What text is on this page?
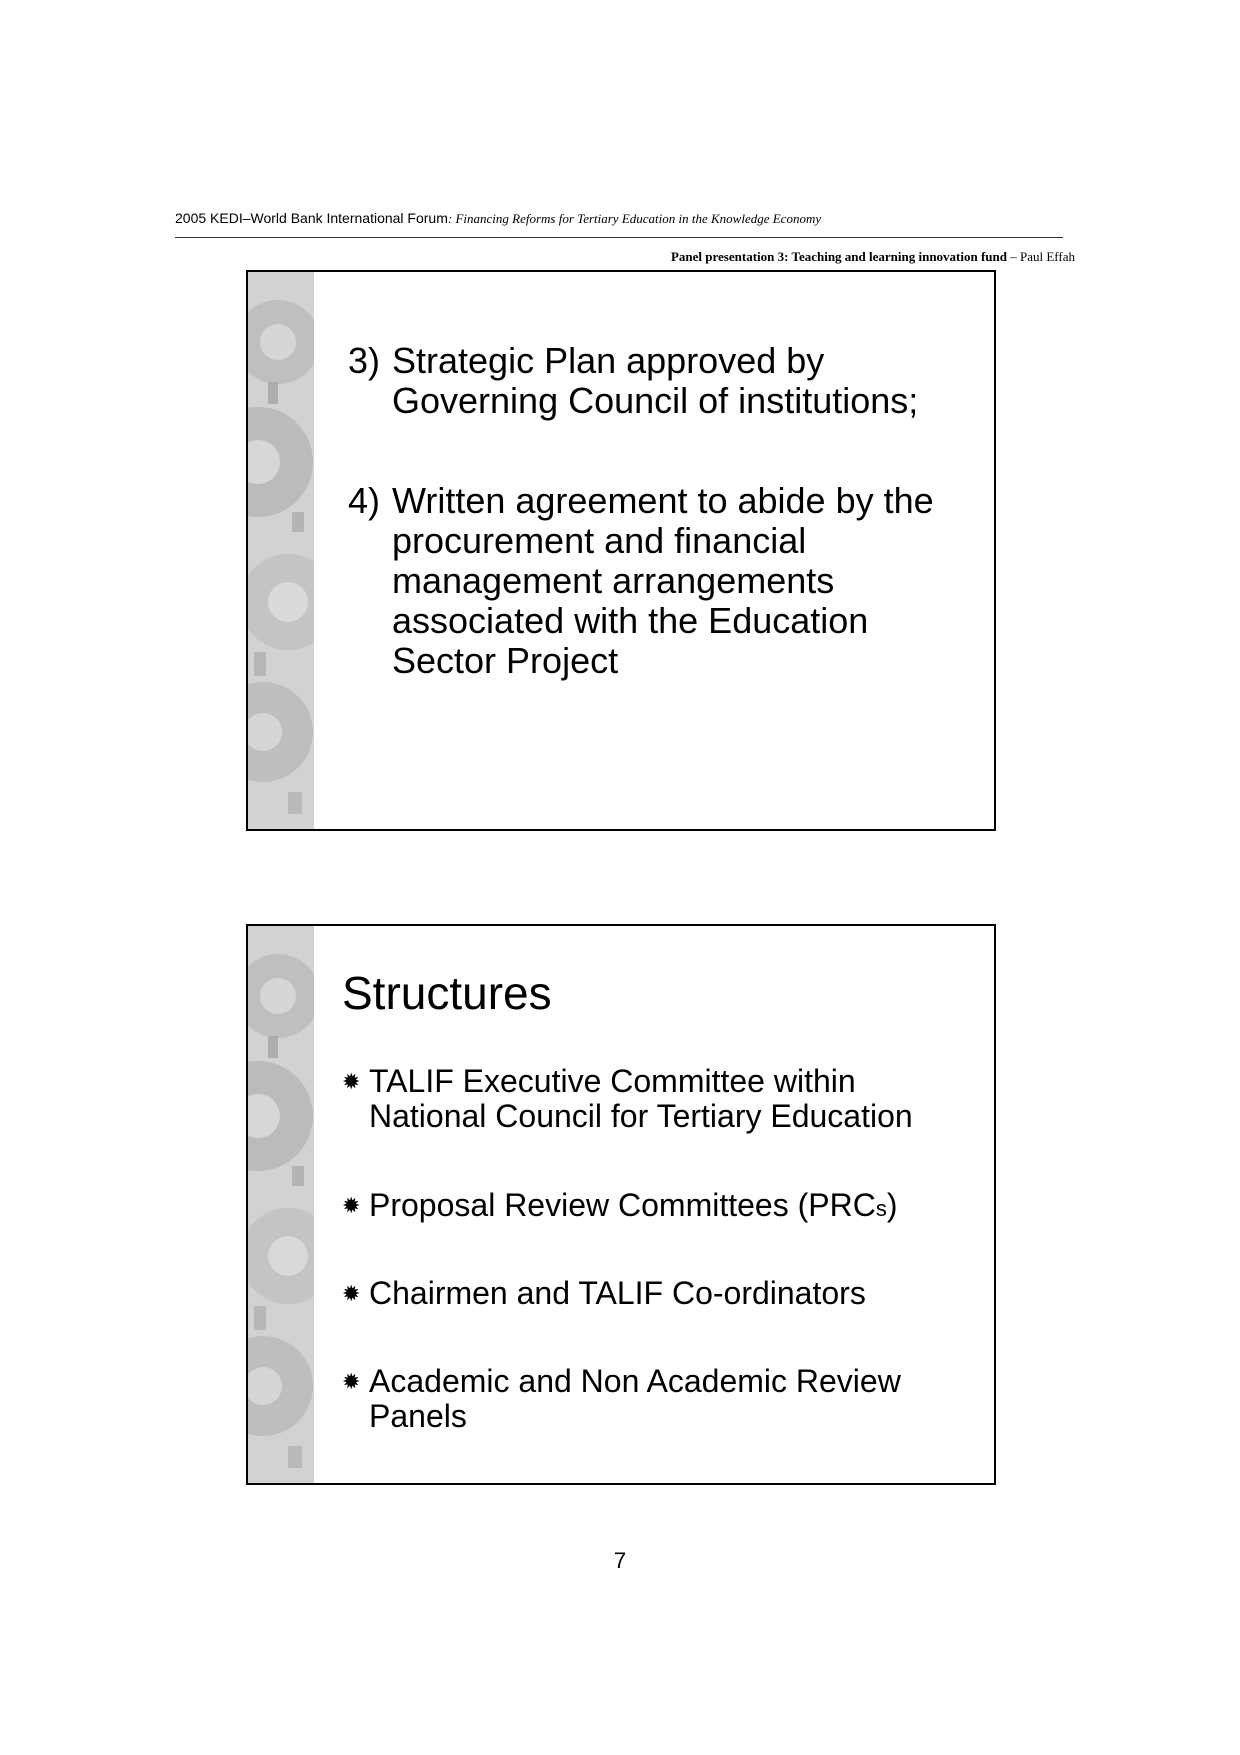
2005 KEDI–World Bank International Forum: Financing Reforms for Tertiary Education in the Knowledge Economy
Panel presentation 3: Teaching and learning innovation fund – Paul Effah
3) Strategic Plan approved by Governing Council of institutions;
4) Written agreement to abide by the procurement and financial management arrangements associated with the Education Sector Project
Structures
✹ TALIF Executive Committee within National Council for Tertiary Education
✹ Proposal Review Committees (PRCs)
✹ Chairmen and TALIF Co-ordinators
✹ Academic and Non Academic Review Panels
7
